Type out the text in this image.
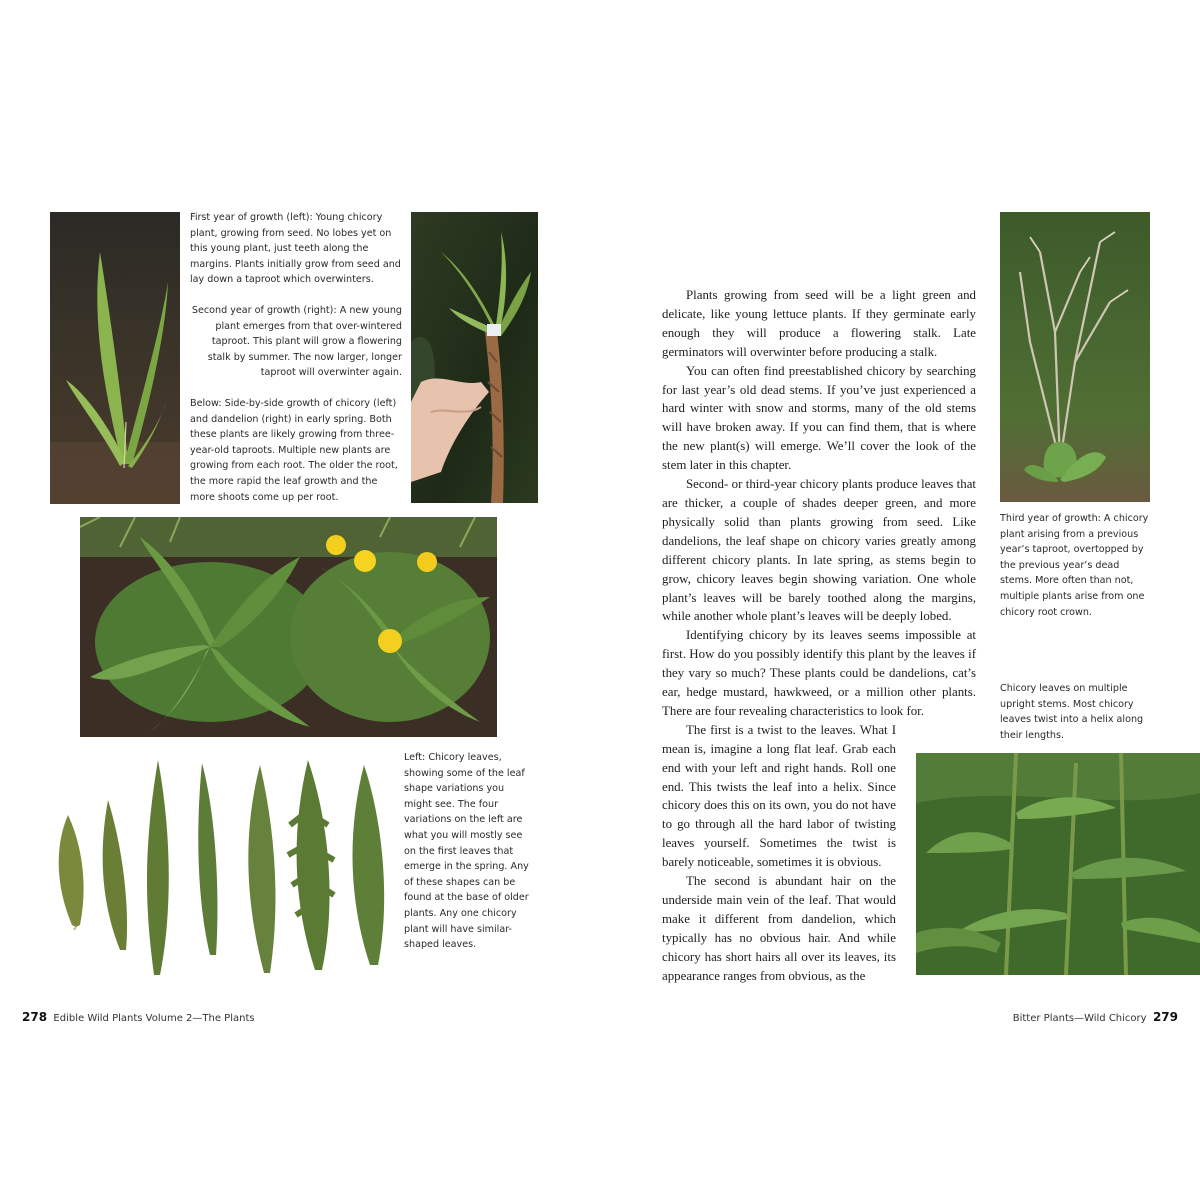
First year of growth (left): Young chicory plant, growing from seed. No lobes yet on this young plant, just teeth along the margins. Plants initially grow from seed and lay down a taproot which overwinters.

Second year of growth (right): A new young plant emerges from that over-wintered taproot. This plant will grow a flowering stalk by summer. The now larger, longer taproot will overwinter again.

Below: Side-by-side growth of chicory (left) and dandelion (right) in early spring. Both these plants are likely growing from three-year-old taproots. Multiple new plants are growing from each root. The older the root, the more rapid the leaf growth and the more shoots come up per root.

Left: Chicory leaves, showing some of the leaf shape variations you might see. The four variations on the left are what you will mostly see on the first leaves that emerge in the spring. Any of these shapes can be found at the base of older plants. Any one chicory plant will have similar-shaped leaves.

Plants growing from seed will be a light green and delicate, like young lettuce plants. If they germinate early enough they will produce a flowering stalk. Late germinators will overwinter before producing a stalk.

You can often find preestablished chicory by searching for last year’s old dead stems. If you’ve just experienced a hard winter with snow and storms, many of the old stems will have broken away. If you can find them, that is where the new plant(s) will emerge. We’ll cover the look of the stem later in this chapter.

Second- or third-year chicory plants produce leaves that are thicker, a couple of shades deeper green, and more physically solid than plants growing from seed. Like dandelions, the leaf shape on chicory varies greatly among different chicory plants. In late spring, as stems begin to grow, chicory leaves begin showing variation. One whole plant’s leaves will be barely toothed along the margins, while another whole plant’s leaves will be deeply lobed.

Identifying chicory by its leaves seems impossible at first. How do you possibly identify this plant by the leaves if they vary so much? These plants could be dandelions, cat’s ear, hedge mustard, hawkweed, or a million other plants. There are four revealing characteristics to look for.

The first is a twist to the leaves. What I mean is, imagine a long flat leaf. Grab each end with your left and right hands. Roll one end. This twists the leaf into a helix. Since chicory does this on its own, you do not have to go through all the hard labor of twisting leaves yourself. Sometimes the twist is barely noticeable, sometimes it is obvious.

The second is abundant hair on the underside main vein of the leaf. That would make it different from dandelion, which typically has no obvious hair. And while chicory has short hairs all over its leaves, its appearance ranges from obvious, as the

Third year of growth: A chicory plant arising from a previous year’s taproot, overtopped by the previous year’s dead stems. More often than not, multiple plants arise from one chicory root crown.

Chicory leaves on multiple upright stems. Most chicory leaves twist into a helix along their lengths.

278 Edible Wild Plants Volume 2—The Plants	Bitter Plants—Wild Chicory 279
